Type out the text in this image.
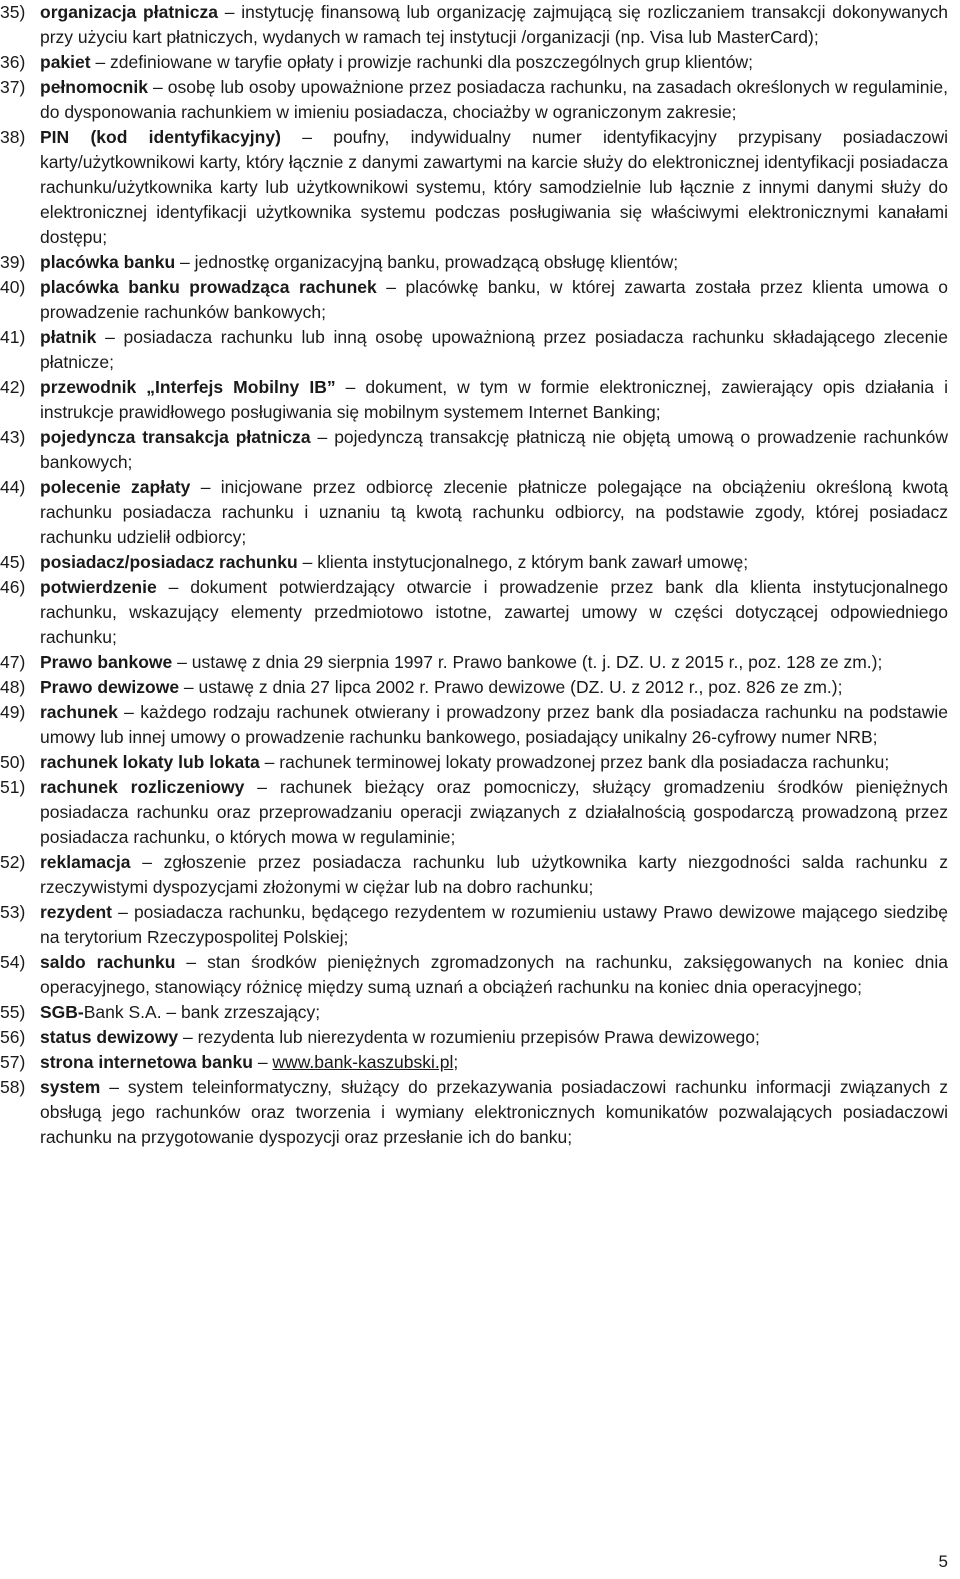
35) organizacja płatnicza – instytucję finansową lub organizację zajmującą się rozliczaniem transakcji dokonywanych przy użyciu kart płatniczych, wydanych w ramach tej instytucji /organizacji (np. Visa lub MasterCard);
36) pakiet – zdefiniowane w taryfie opłaty i prowizje rachunki dla poszczególnych grup klientów;
37) pełnomocnik – osobę lub osoby upoważnione przez posiadacza rachunku, na zasadach określonych w regulaminie, do dysponowania rachunkiem w imieniu posiadacza, chociażby w ograniczonym zakresie;
38) PIN (kod identyfikacyjny) – poufny, indywidualny numer identyfikacyjny przypisany posiadaczowi karty/użytkownikowi karty, który łącznie z danymi zawartymi na karcie służy do elektronicznej identyfikacji posiadacza rachunku/użytkownika karty lub użytkownikowi systemu, który samodzielnie lub łącznie z innymi danymi służy do elektronicznej identyfikacji użytkownika systemu podczas posługiwania się właściwymi elektronicznymi kanałami dostępu;
39) placówka banku – jednostkę organizacyjną banku, prowadzącą obsługę klientów;
40) placówka banku prowadząca rachunek – placówkę banku, w której zawarta została przez klienta umowa o prowadzenie rachunków bankowych;
41) płatnik – posiadacza rachunku lub inną osobę upoważnioną przez posiadacza rachunku składającego zlecenie płatnicze;
42) przewodnik „Interfejs Mobilny IB” – dokument, w tym w formie elektronicznej, zawierający opis działania i instrukcje prawidłowego posługiwania się mobilnym systemem Internet Banking;
43) pojedyncza transakcja płatnicza – pojedynczą transakcję płatniczą nie objętą umową o prowadzenie rachunków bankowych;
44) polecenie zapłaty – inicjowane przez odbiorcę zlecenie płatnicze polegające na obciążeniu określoną kwotą rachunku posiadacza rachunku i uznaniu tą kwotą rachunku odbiorcy, na podstawie zgody, której posiadacz rachunku udzielił odbiorcy;
45) posiadacz/posiadacz rachunku – klienta instytucjonalnego, z którym bank zawarł umowę;
46) potwierdzenie – dokument potwierdzający otwarcie i prowadzenie przez bank dla klienta instytucjonalnego rachunku, wskazujący elementy przedmiotowo istotne, zawartej umowy w części dotyczącej odpowiedniego rachunku;
47) Prawo bankowe – ustawę z dnia 29 sierpnia 1997 r. Prawo bankowe (t. j. DZ. U. z 2015 r., poz. 128 ze zm.);
48) Prawo dewizowe – ustawę z dnia 27 lipca 2002 r. Prawo dewizowe (DZ. U. z 2012 r., poz. 826 ze zm.);
49) rachunek – każdego rodzaju rachunek otwierany i prowadzony przez bank dla posiadacza rachunku na podstawie umowy lub innej umowy o prowadzenie rachunku bankowego, posiadający unikalny 26-cyfrowy numer NRB;
50) rachunek lokaty lub lokata – rachunek terminowej lokaty prowadzonej przez bank dla posiadacza rachunku;
51) rachunek rozliczeniowy – rachunek bieżący oraz pomocniczy, służący gromadzeniu środków pieniężnych posiadacza rachunku oraz przeprowadzaniu operacji związanych z działalnością gospodarczą prowadzoną przez posiadacza rachunku, o których mowa w regulaminie;
52) reklamacja – zgłoszenie przez posiadacza rachunku lub użytkownika karty niezgodności salda rachunku z rzeczywistymi dyspozycjami złożonymi w ciężar lub na dobro rachunku;
53) rezydent – posiadacza rachunku, będącego rezydentem w rozumieniu ustawy Prawo dewizowe mającego siedzibę na terytorium Rzeczypospolitej Polskiej;
54) saldo rachunku – stan środków pieniężnych zgromadzonych na rachunku, zaksięgowanych na koniec dnia operacyjnego, stanowiący różnicę między sumą uznań a obciążeń rachunku na koniec dnia operacyjnego;
55) SGB-Bank S.A. – bank zrzeszający;
56) status dewizowy – rezydenta lub nierezydenta w rozumieniu przepisów Prawa dewizowego;
57) strona internetowa banku – www.bank-kaszubski.pl;
58) system – system teleinformatyczny, służący do przekazywania posiadaczowi rachunku informacji związanych z obsługą jego rachunków oraz tworzenia i wymiany elektronicznych komunikatów pozwalających posiadaczowi rachunku na przygotowanie dyspozycji oraz przesłanie ich do banku;
5
